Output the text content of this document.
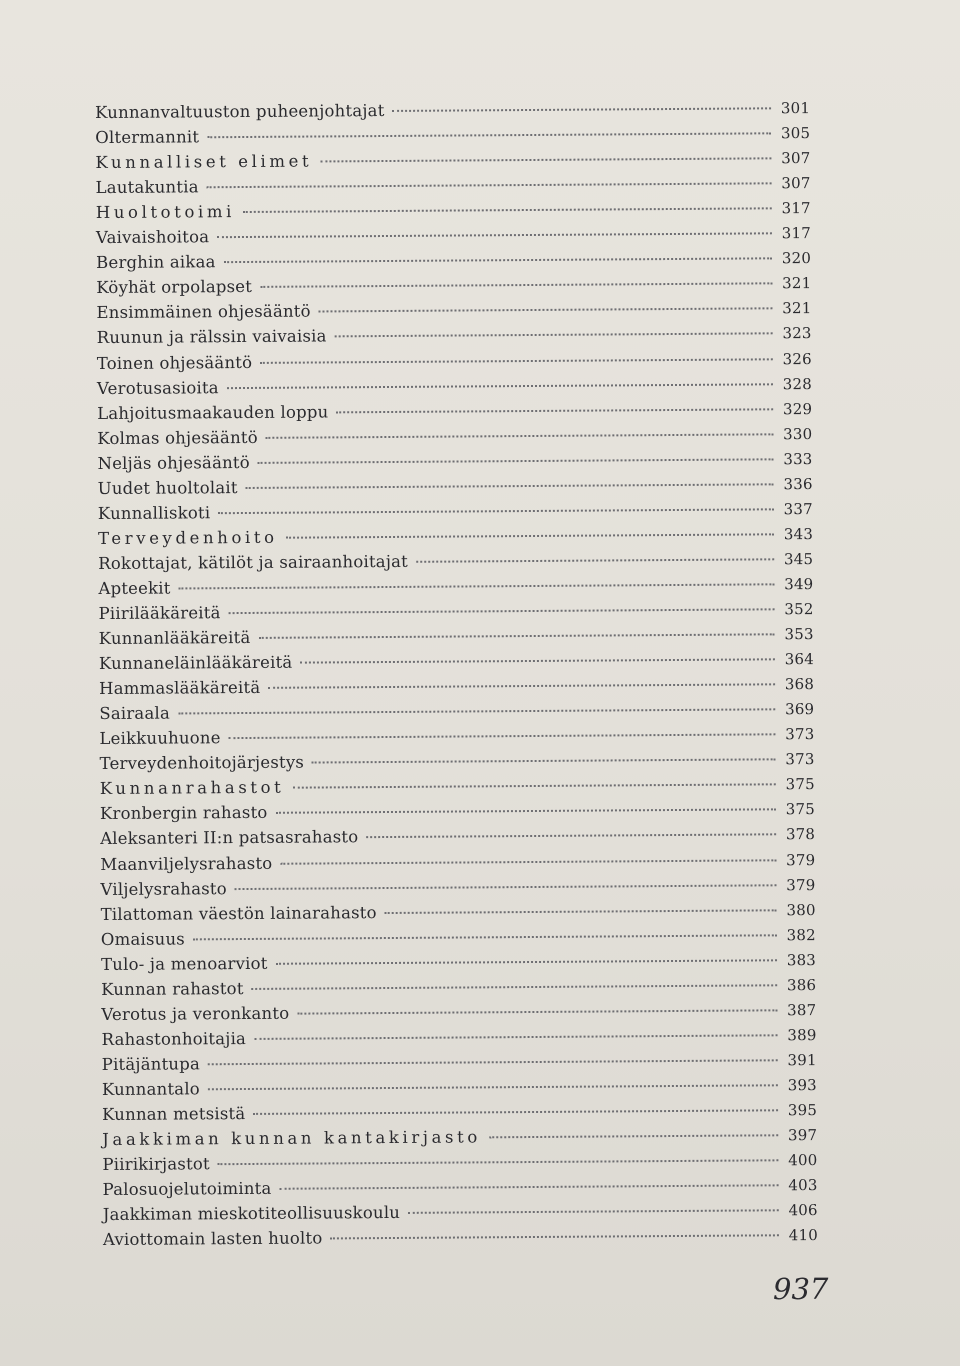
Kunnanvaltuuston puheenjohtajat	301
Oltermannit	305
Kunnalliset elimet	307
Lautakuntia	307
Huoltotoimi	317
Vaivaishoitoa	317
Berghin aikaa	320
Köyhät orpolapset	321
Ensimmäinen ohjesääntö	321
Ruunun ja rälssin vaivaisia	323
Toinen ohjesääntö	326
Verotusasioita	328
Lahjoitusmaakauden loppu	329
Kolmas ohjesääntö	330
Neljäs ohjesääntö	333
Uudet huoltolait	336
Kunnalliskoti	337
Terveydenhoito	343
Rokottajat, kätilöt ja sairaanhoitajat	345
Apteekit	349
Piirilääkäreitä	352
Kunnanlääkäreitä	353
Kunnaneläinlääkäreitä	364
Hammaslääkäreitä	368
Sairaala	369
Leikkuuhuone	373
Terveydenhoitojärjestys	373
Kunnanrahastot	375
Kronbergin rahasto	375
Aleksanteri II:n patsasrahasto	378
Maanviljelysrahasto	379
Viljelysrahasto	379
Tilattoman väestön lainarahasto	380
Omaisuus	382
Tulo- ja menoarviot	383
Kunnan rahastot	386
Verotus ja veronkanto	387
Rahastonhoitajia	389
Pitäjäntupa	391
Kunnantalo	393
Kunnan metsistä	395
Jaakkiman kunnan kantakirjasto	397
Piirikirjastot	400
Palosuojelutoiminta	403
Jaakkiman mieskotiteollisuuskoulu	406
Aviottomain lasten huolto	410
937
